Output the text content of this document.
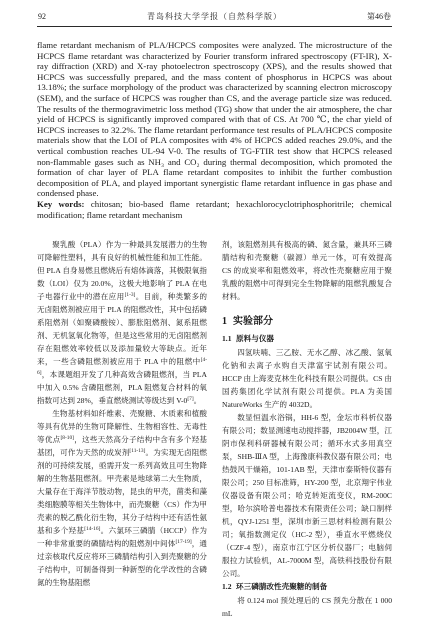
92	青岛科技大学学报（自然科学版）	第46卷

flame retardant mechanism of PLA/HCPCS composites were analyzed. The microstructure of the HCPCS flame retardant was characterized by Fourier transform infrared spectroscopy (FT-IR), X-ray diffraction (XRD) and X-ray photoelectron spectroscopy (XPS), and the results showed that HCPCS was successfully prepared, and the mass content of phosphorus in HCPCS was about 13.18%; the surface morphology of the product was characterized by scanning electron microscopy (SEM), and the surface of HCPCS was rougher than CS, and the average particle size was reduced. The results of the thermogravimetric loss method (TG) show that under the air atmosphere, the char yield of HCPCS is significantly improved compared with that of CS. At 700 ℃, the char yield of HCPCS increases to 32.2%. The flame retardant performance test results of PLA/HCPCS composite materials show that the LOI of PLA composites with 4% of HCPCS added reaches 29.0%, and the vertical combustion reaches UL-94 V-0. The results of TG-FTIR test show that HCPCS released non-flammable gases such as NH₃ and CO₂ during thermal decomposition, which promoted the formation of char layer of PLA flame retardant composites to inhibit the further combustion decomposition of PLA, and played important synergistic flame retardant influence in gas phase and condensed phase.

Key words: chitosan; bio-based flame retardant; hexachlorocyclotriphosphoritrile; chemical modification; flame retardant mechanism

聚乳酸（PLA）作为一种最具发展潜力的生物可降解性塑料，具有良好的机械性能和加工性能。但 PLA 自身易燃且燃烧后有熔体滴落，其极限氧指数（LOI）仅为 20.0%，这极大地影响了 PLA 在电子电器行业中的潜在应用[1-3]。目前，种类繁多的无卤阻燃剂被应用于 PLA 的阻燃改性，其中包括磷系阻燃剂（如聚磷酸铵）、膨胀阻燃剂、氮系阻燃剂、无机氢氧化物等，但是这些常用的无卤阻燃剂存在阻燃效率较低以及添加量较大等缺点。近年来，一些含磷阻燃剂被应用于 PLA 中的阻燃中[4-6]，本课题组开发了几种高效含磷阻燃剂，当 PLA 中加入 0.5% 含磷阻燃剂，PLA 阻燃复合材料的氧指数可达到 28%，垂直燃烧测试等级达到 V-0[7]。

生物基材料如纤维素、壳聚糖、木质素和植酸等具有优异的生物可降解性、生物相容性、无毒性等优点[8-10]，这些天然高分子结构中含有多个羟基基团，可作为天然的成炭剂[11-13]。为实现无卤阻燃剂的可持续发展，亟需开发一系列高效且可生物降解的生物基阻燃剂。甲壳素是地球第二大生物质，大量存在于海洋节肢动物，昆虫的甲壳，菌类和藻类细胞膜等相关生物体中，而壳聚糖（CS）作为甲壳素的脱乙酰化衍生物，其分子结构中还有活性氨基和多个羟基[14-16]。六氯环三磷腈（HCCP）作为一种非常重要的磷腈结构的阻燃剂中间体[17-19]，通过亲核取代反应将环三磷腈结构引入到壳聚糖的分子结构中，可制备得到一种新型的化学改性的含磷氮的生物基阻燃

剂，该阻燃剂具有极高的磷、氮含量，兼具环三磷腈结构和壳聚糖（碳源）单元一体，可有效提高 CS 的成炭率和阻燃效率，将改性壳聚糖应用于聚乳酸的阻燃中可得到完全生物降解的阻燃乳酸复合材料。

1 实验部分
1.1 原料与仪器

四氢呋喃、三乙胺、无水乙醇、冰乙酸、氢氧化钠和去离子水购自天津富宇试剂有限公司。HCCP 由上海麦克林生化科技有限公司提供。CS 由国药集团化学试剂有限公司提供。PLA 为美国 NatureWorks 生产的 4032D。

数显恒温水浴锅，HH-6 型，金坛市科析仪器有限公司；数显测速电动搅拌器，JB2004W 型，江阴市保利科研器械有限公司；循环水式多用真空泵，SHB-ⅢA 型，上海豫康科教仪器有限公司；电热鼓风干燥箱，101-1AB 型，天津市泰斯特仪器有限公司；250 目标准筛，HY-200 型，北京翔宇伟业仪器设备有限公司；哈克转矩流变仪，RM-200C 型，哈尔滨哈普电器技术有限责任公司；缺口制样机，QYJ-1251 型，深圳市新三思材料检测有限公司；氧指数测定仪（HC-2 型），垂直水平燃烧仪（CZF-4 型），南京市江宁区分析仪器厂；电脑伺服拉力试验机，AL-7000M 型，高铁科技股份有限公司。

1.2 环三磷腈改性壳聚糖的制备

将 0.124 mol 预处理后的 CS 预先分散在 1 000 mL
